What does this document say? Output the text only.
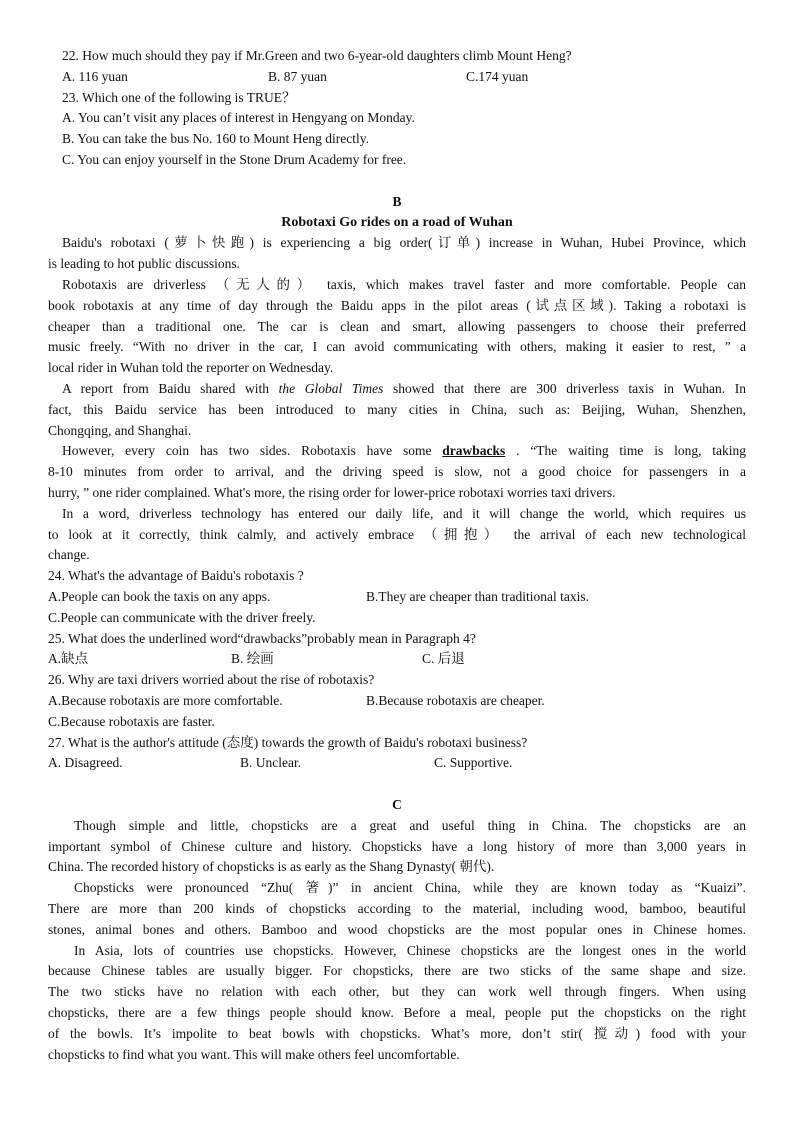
22. How much should they pay if Mr.Green and two 6-year-old daughters climb Mount Heng?
A. 116 yuan	B. 87 yuan	C.174 yuan
23. Which one of the following is TRUE？
A. You can’t visit any places of interest in Hengyang on Monday.
B. You can take the bus No. 160 to Mount Heng directly.
C. You can enjoy yourself in the Stone Drum Academy for free.
B
Robotaxi Go rides on a road of Wuhan
Baidu's robotaxi (萝卜快跑) is experiencing a big order(订单) increase in Wuhan, Hubei Province, which
is leading to hot public discussions.
Robotaxis are driverless （无人的） taxis, which makes travel faster and more comfortable. People can
book robotaxis at any time of day through the Baidu apps in the pilot areas (试点区域). Taking a robotaxi is
cheaper than a traditional one. The car is clean and smart, allowing passengers to choose their preferred
music freely. “With no driver in the car, I can avoid communicating with others, making it easier to rest, ” a
local rider in Wuhan told the reporter on Wednesday.
A report from Baidu shared with the Global Times showed that there are 300 driverless taxis in Wuhan. In
fact, this Baidu service has been introduced to many cities in China, such as: Beijing, Wuhan, Shenzhen,
Chongqing, and Shanghai.
However, every coin has two sides. Robotaxis have some drawbacks . “The waiting time is long, taking
8-10 minutes from order to arrival, and the driving speed is slow, not a good choice for passengers in a
hurry, ” one rider complained. What's more, the rising order for lower-price robotaxi worries taxi drivers.
In a word, driverless technology has entered our daily life, and it will change the world, which requires us
to look at it correctly, think calmly, and actively embrace （拥抱） the arrival of each new technological
change.
24. What's the advantage of Baidu's robotaxis ?
A.People can book the taxis on any apps.	B.They are cheaper than traditional taxis.
C.People can communicate with the driver freely.
25. What does the underlined word“drawbacks”probably mean in Paragraph 4?
A.缺点	B. 绘画	C. 后退
26. Why are taxi drivers worried about the rise of robotaxis?
A.Because robotaxis are more comfortable.	B.Because robotaxis are cheaper.
C.Because robotaxis are faster.
27. What is the author's attitude (态度) towards the growth of Baidu's robotaxi business?
A. Disagreed.	B. Unclear.	C. Supportive.
C
Though simple and little, chopsticks are a great and useful thing in China. The chopsticks are an
important symbol of Chinese culture and history. Chopsticks have a long history of more than 3,000 years in
China. The recorded history of chopsticks is as early as the Shang Dynasty( 朝代).
Chopsticks were pronounced “Zhu( 箸)” in ancient China, while they are known today as “Kuaizi”.
There are more than 200 kinds of chopsticks according to the material, including wood, bamboo, beautiful
stones, animal bones and others. Bamboo and wood chopsticks are the most popular ones in Chinese homes.
In Asia, lots of countries use chopsticks. However, Chinese chopsticks are the longest ones in the world
because Chinese tables are usually bigger. For chopsticks, there are two sticks of the same shape and size.
The two sticks have no relation with each other, but they can work well through fingers. When using
chopsticks, there are a few things people should know. Before a meal, people put the chopsticks on the right
of the bowls. It’s impolite to beat bowls with chopsticks. What’s more, don’t stir( 搅动) food with your
chopsticks to find what you want. This will make others feel uncomfortable.
